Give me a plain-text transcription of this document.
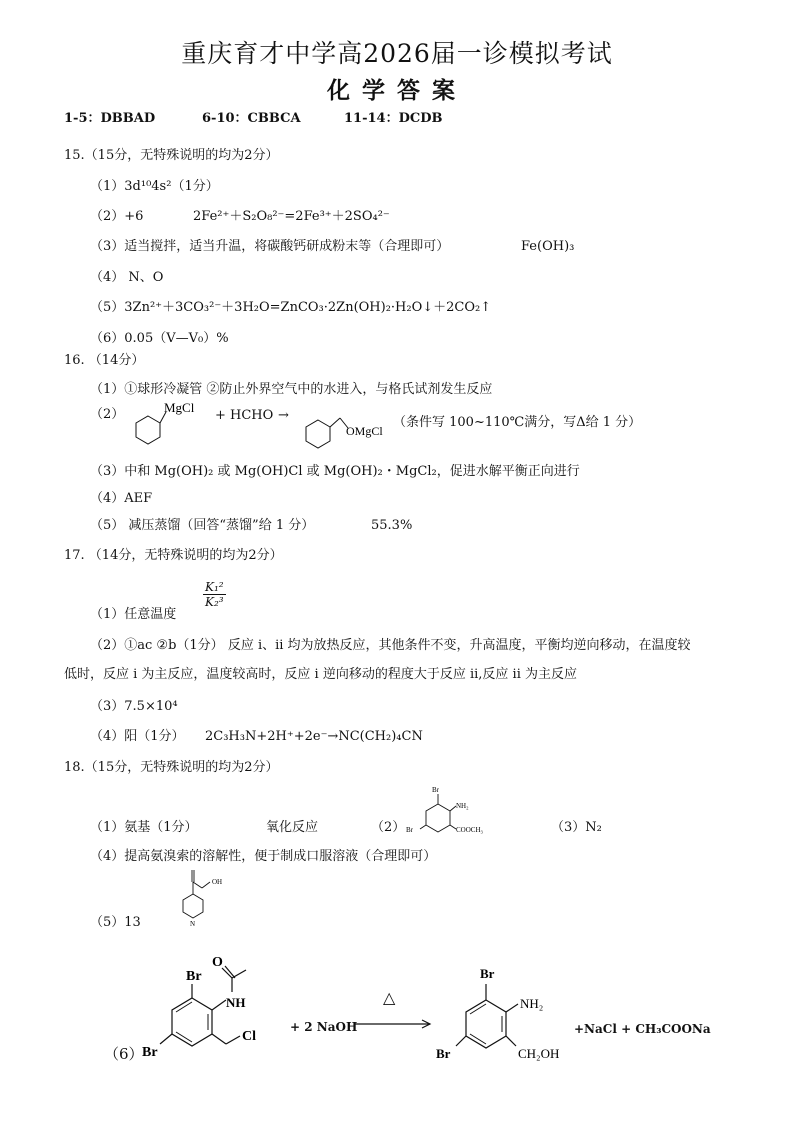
重庆育才中学高2026届一诊模拟考试
化学答案
1-5：DBBAD	6-10：CBBCA	11-14：DCDB
15.（15分，无特殊说明的均为2分）
（1）3d¹⁰4s²（1分）
（2）+6	2Fe²⁺＋S₂O₈²⁻=2Fe³⁺＋2SO₄²⁻
（3）适当搅拌，适当升温，将碳酸钙研成粉末等（合理即可）	Fe(OH)₃
（4） N、O
（5）3Zn²⁺＋3CO₃²⁻＋3H₂O=ZnCO₃·2Zn(OH)₂·H₂O↓＋2CO₂↑
（6）0.05（V—V₀）%
16. （14分）
（1）①球形冷凝管 ②防止外界空气中的水进入，与格氏试剂发生反应
（2）	MgCl
+ HCHO →
OMgCl
（条件写 100~110℃满分，写Δ给 1 分）
（3）中和 Mg(OH)₂ 或 Mg(OH)Cl 或 Mg(OH)₂・MgCl₂，促进水解平衡正向进行
（4）AEF
（5） 减压蒸馏（回答“蒸馏”给 1 分）	55.3%
17. （14分，无特殊说明的均为2分）
（1）任意温度
$\frac{\text{K₁²}}{\text{K₂³}}$
（2）①ac ②b（1分） 反应 i、ii 均为放热反应，其他条件不变，升高温度，平衡均逆向移动，在温度较
低时，反应 i 为主反应，温度较高时，反应 i 逆向移动的程度大于反应 ii,反应 ii 为主反应
（3）7.5×10⁴
（4）阳（1分） 2C₃H₃N+2H⁺+2e⁻→NC(CH₂)₄CN
18.（15分，无特殊说明的均为2分）
（1）氨基（1分）	氧化反应	（2）
Br
NH₂
Br	COOCH₃	（3）N₂
（4）提高氨溴索的溶解性，便于制成口服溶液（合理即可）
（5）13
OH
N
（6）
Br
Br
NH
O
Cl
+ 2 NaOH
△
Br
Br
NH₂
CH₂OH
+NaCl + CH₃COONa
